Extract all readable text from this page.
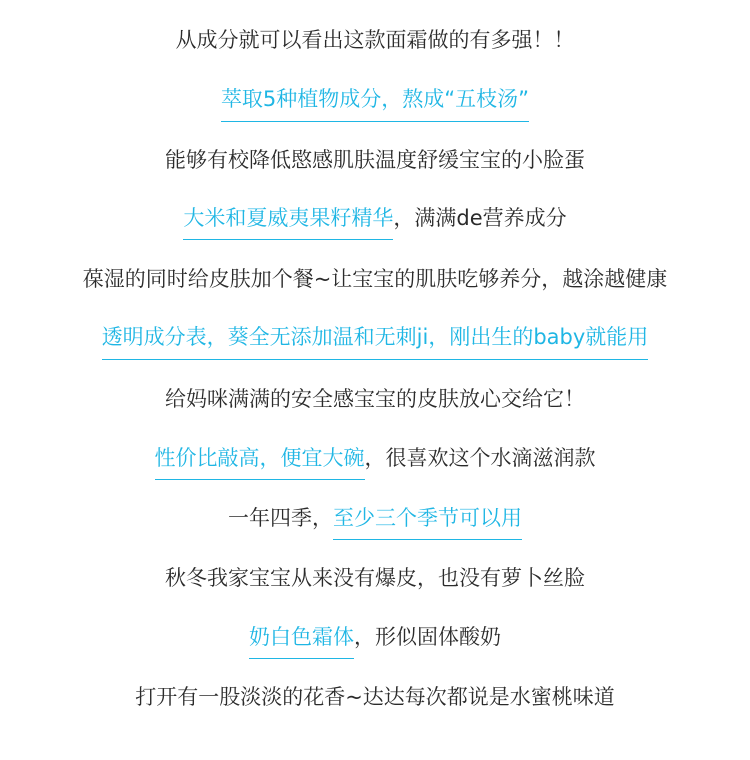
从成分就可以看出这款面霜做的有多强！！
萃取5种植物成分，熬成“五枝汤”
能够有校降低愍感肌肤温度舒缓宝宝的小脸蛋
大米和夏威夷果籽精华，满满de营养成分
葆湿的同时给皮肤加个餐~让宝宝的肌肤吃够养分，越涂越健康
透明成分表，葵全无添加温和无刺ji，刚出生的baby就能用
给妈咪满满的安全感宝宝的皮肤放心交给它！
性价比敲高，便宜大碗，很喜欢这个水滴滋润款
一年四季，至少三个季节可以用
秋冬我家宝宝从来没有爆皮，也没有萝卜丝脸
奶白色霜体，形似固体酸奶
打开有一股淡淡的花香~达达每次都说是水蜜桃味道
